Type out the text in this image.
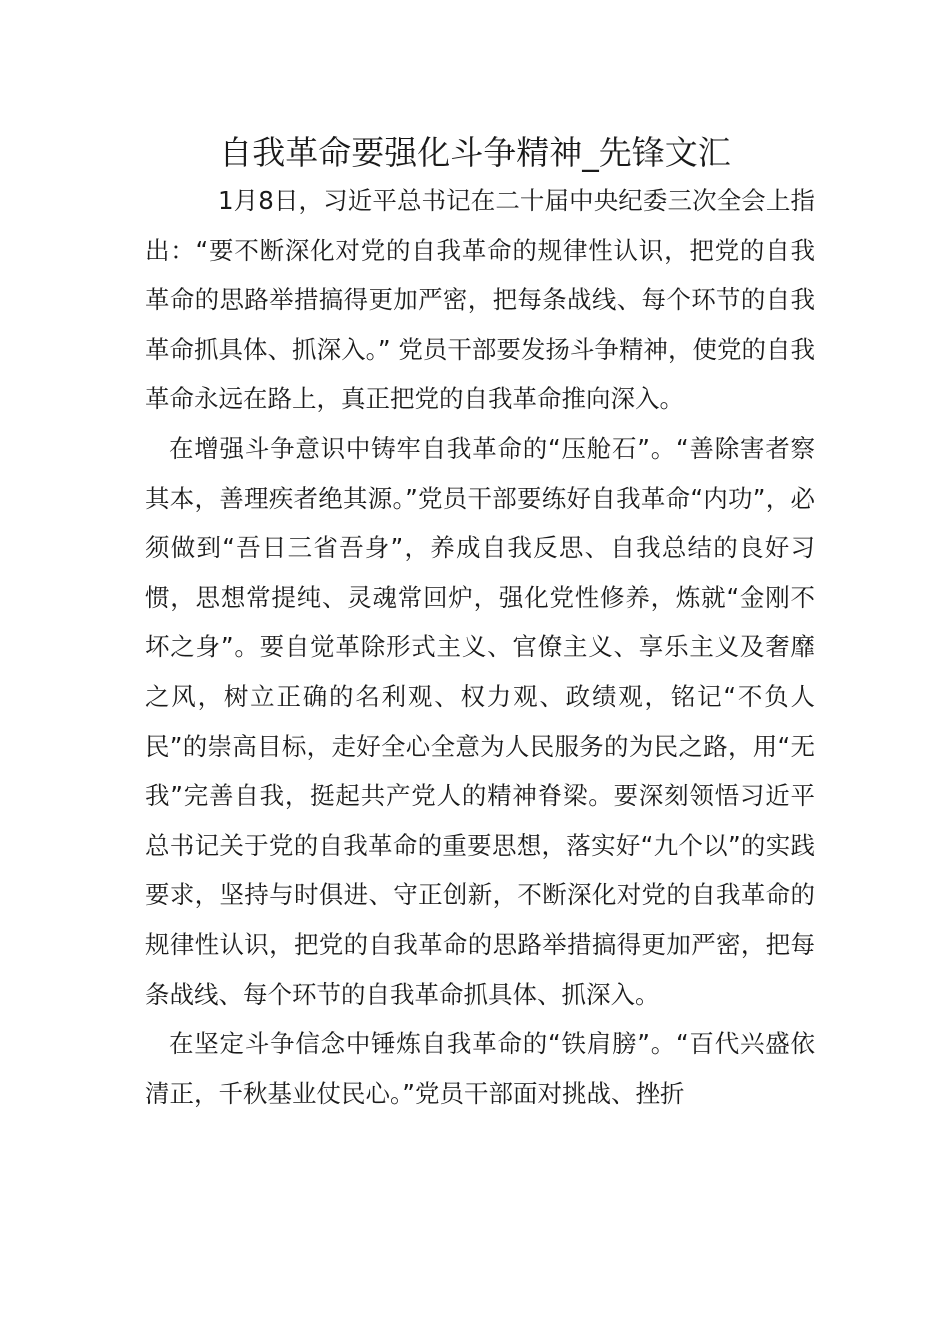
自我革命要强化斗争精神_先锋文汇

1月8日，习近平总书记在二十届中央纪委三次全会上指出：“要不断深化对党的自我革命的规律性认识，把党的自我革命的思路举措搞得更加严密，把每条战线、每个环节的自我革命抓具体、抓深入。” 党员干部要发扬斗争精神，使党的自我革命永远在路上，真正把党的自我革命推向深入。

在增强斗争意识中铸牢自我革命的“压舱石”。“善除害者察其本，善理疾者绝其源。”党员干部要练好自我革命“内功”，必须做到“吾日三省吾身”，养成自我反思、自我总结的良好习惯，思想常提纯、灵魂常回炉，强化党性修养，炼就“金刚不坏之身”。要自觉革除形式主义、官僚主义、享乐主义及奢靡之风，树立正确的名利观、权力观、政绩观，铭记“不负人民”的崇高目标，走好全心全意为人民服务的为民之路，用“无我”完善自我，挺起共产党人的精神脊梁。要深刻领悟习近平总书记关于党的自我革命的重要思想，落实好“九个以”的实践要求，坚持与时俱进、守正创新，不断深化对党的自我革命的规律性认识，把党的自我革命的思路举措搞得更加严密，把每条战线、每个环节的自我革命抓具体、抓深入。

在坚定斗争信念中锤炼自我革命的“铁肩膀”。“百代兴盛依清正，千秋基业仗民心。”党员干部面对挑战、挫折
